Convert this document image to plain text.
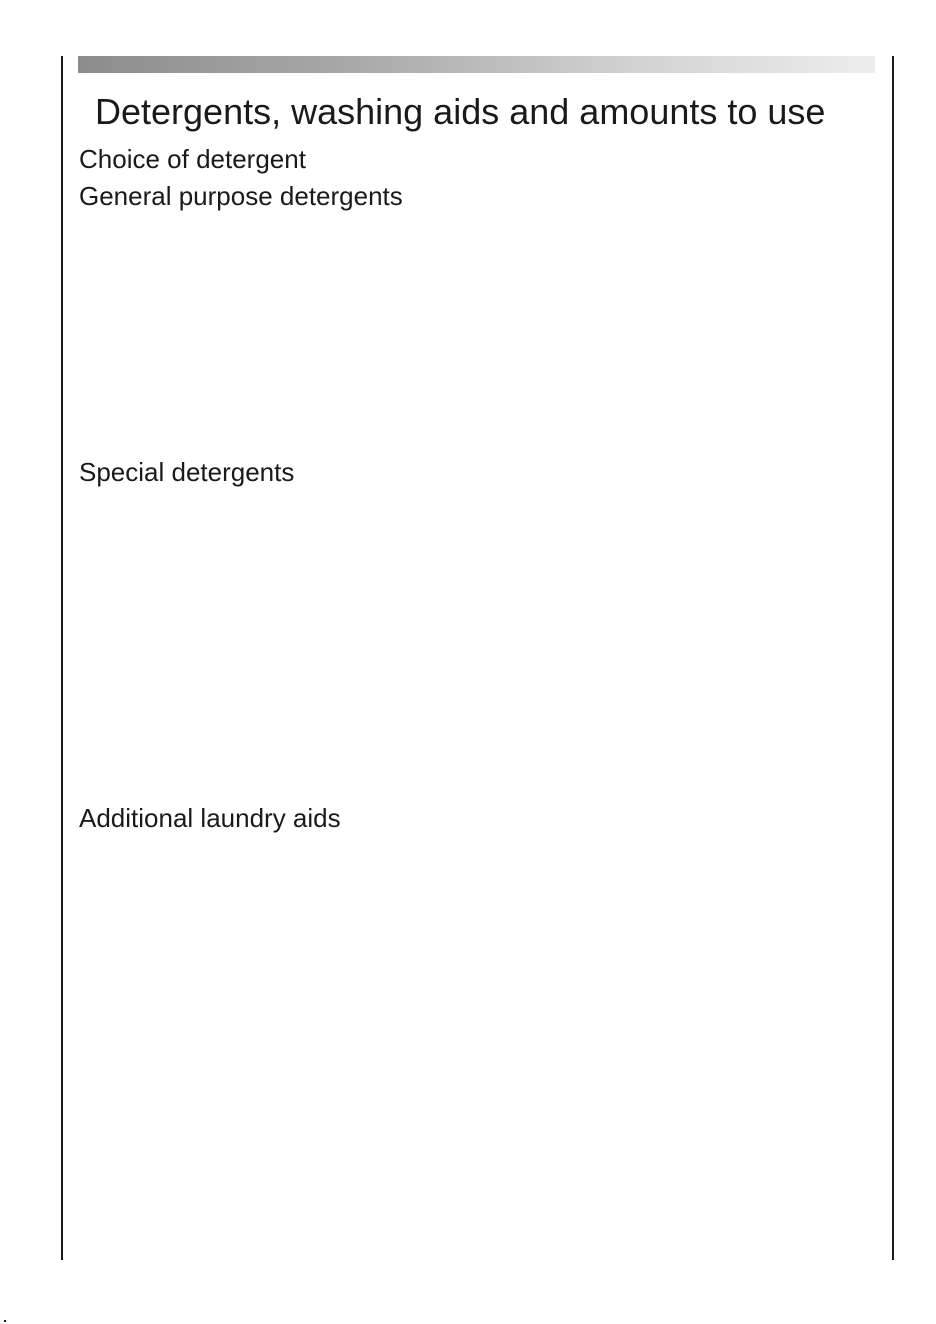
Detergents, washing aids and amounts to use
Choice of detergent
General purpose detergents
Special detergents
Additional laundry aids
